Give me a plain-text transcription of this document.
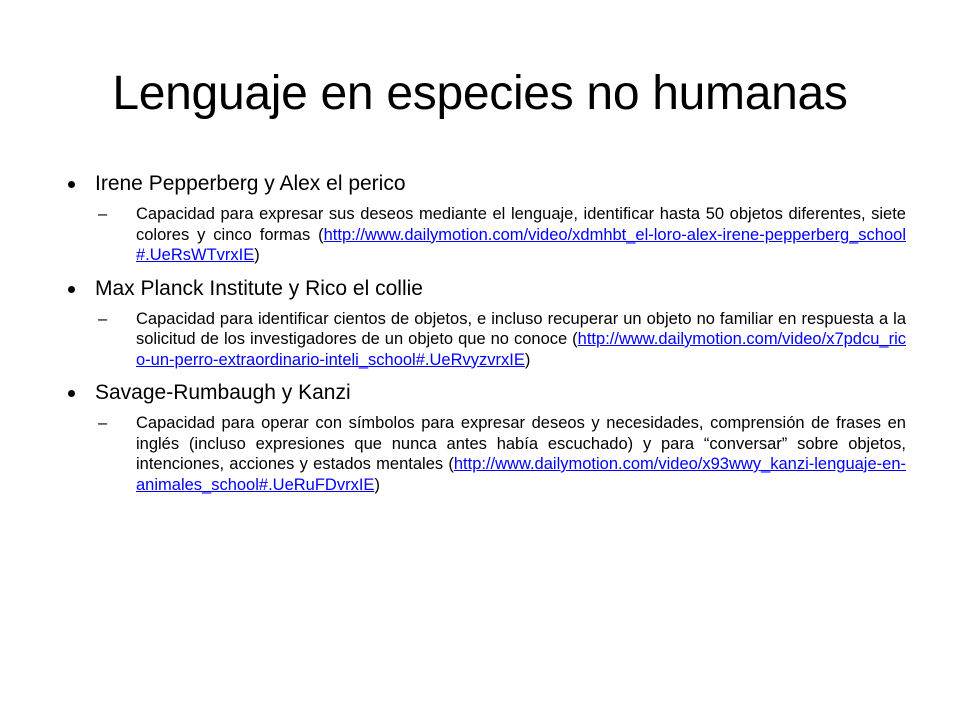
Lenguaje en especies no humanas
Irene Pepperberg y Alex el perico
– Capacidad para expresar sus deseos mediante el lenguaje, identificar hasta 50 objetos diferentes, siete colores y cinco formas (http://www.dailymotion.com/video/xdmhbt_el-loro-alex-irene-pepperberg_school#.UeRsWTvrxIE)
Max Planck Institute y Rico el collie
– Capacidad para identificar cientos de objetos, e incluso recuperar un objeto no familiar en respuesta a la solicitud de los investigadores de un objeto que no conoce (http://www.dailymotion.com/video/x7pdcu_rico-un-perro-extraordinario-inteli_school#.UeRvyzvrxIE)
Savage-Rumbaugh y Kanzi
– Capacidad para operar con símbolos para expresar deseos y necesidades, comprensión de frases en inglés (incluso expresiones que nunca antes había escuchado) y para “conversar” sobre objetos, intenciones, acciones y estados mentales (http://www.dailymotion.com/video/x93wwy_kanzi-lenguaje-en-animales_school#.UeRuFDvrxIE)
